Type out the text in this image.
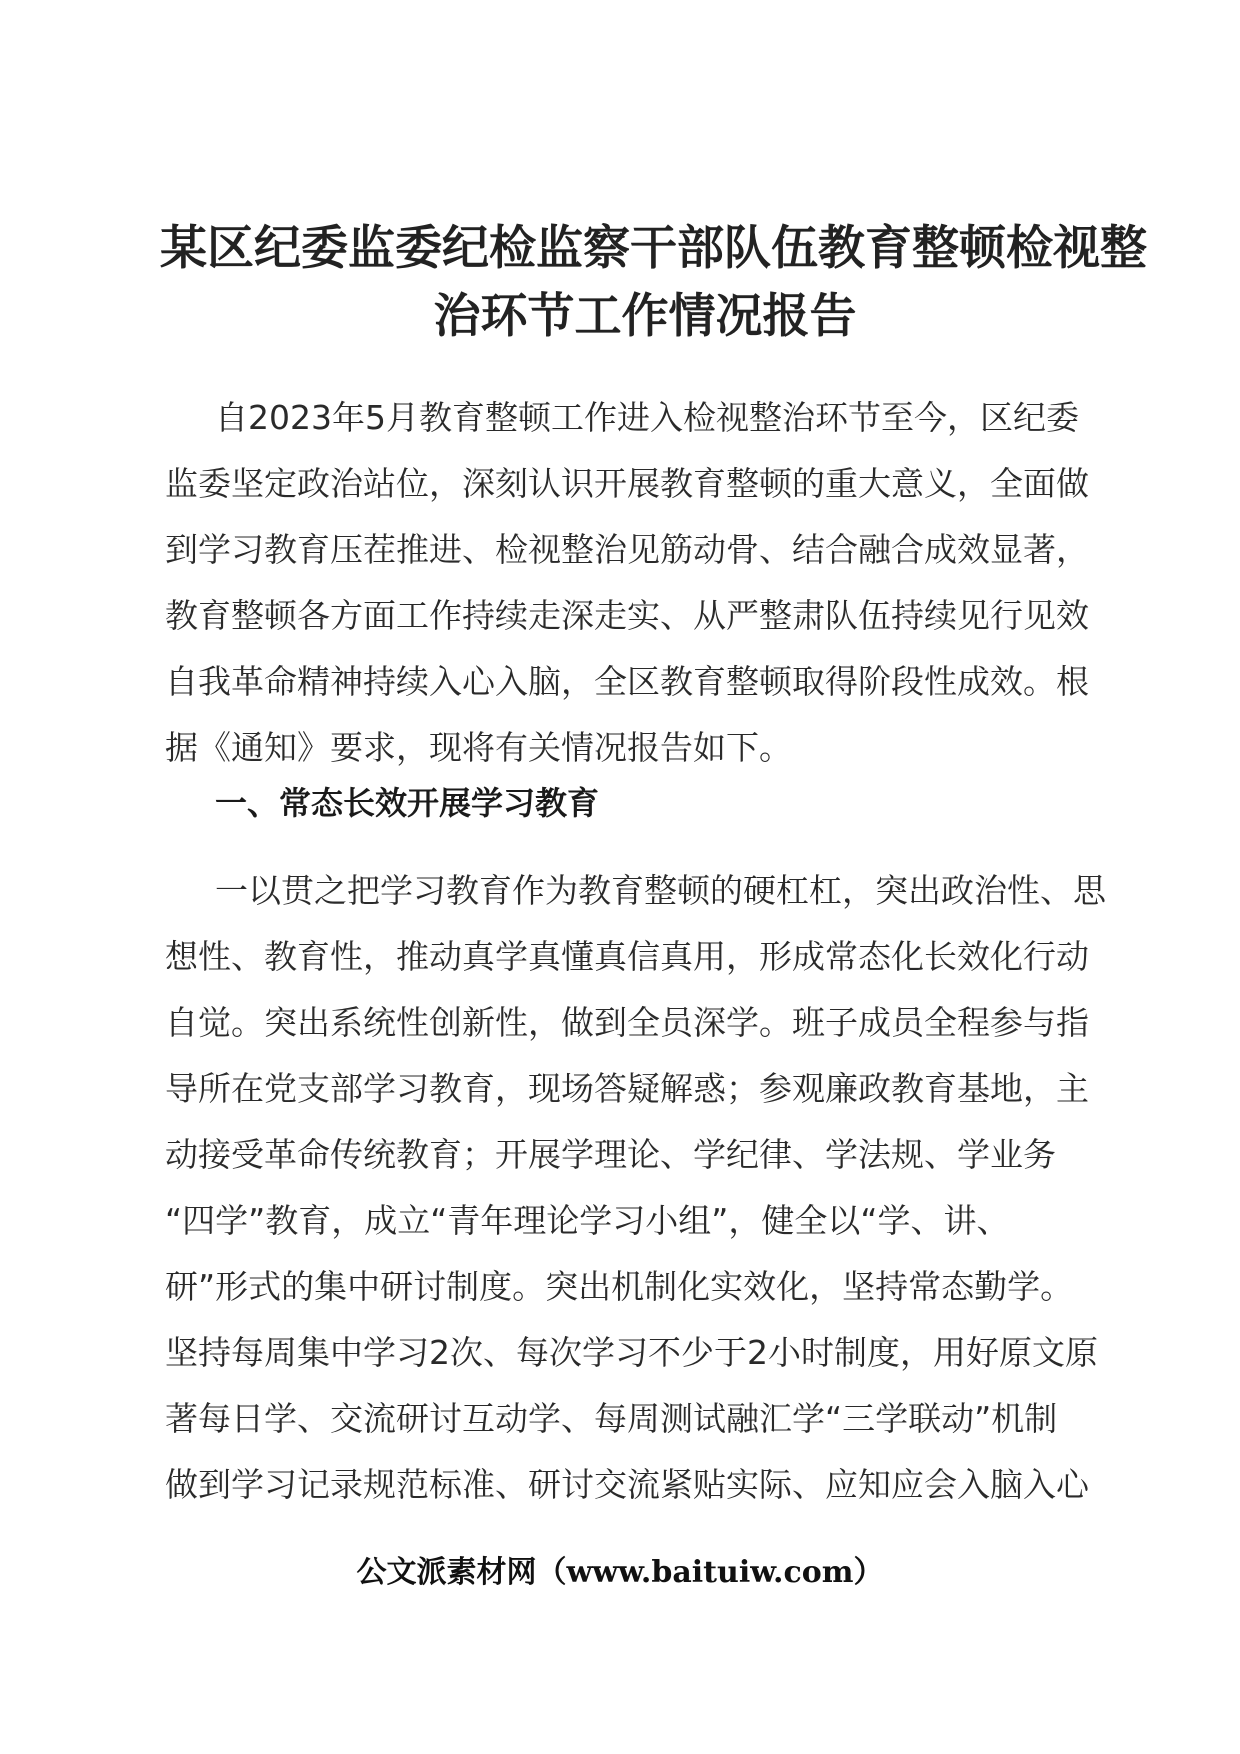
某区纪委监委纪检监察干部队伍教育整顿检视整
治环节工作情况报告
自2023年5月教育整顿工作进入检视整治环节至今，区纪委
监委坚定政治站位，深刻认识开展教育整顿的重大意义，全面做
到学习教育压茬推进、检视整治见筋动骨、结合融合成效显著，
教育整顿各方面工作持续走深走实、从严整肃队伍持续见行见效
自我革命精神持续入心入脑，全区教育整顿取得阶段性成效。根
据《通知》要求，现将有关情况报告如下。
一、常态长效开展学习教育
一以贯之把学习教育作为教育整顿的硬杠杠，突出政治性、思
想性、教育性，推动真学真懂真信真用，形成常态化长效化行动
自觉。突出系统性创新性，做到全员深学。班子成员全程参与指
导所在党支部学习教育，现场答疑解惑；参观廉政教育基地，主
动接受革命传统教育；开展学理论、学纪律、学法规、学业务
“四学”教育，成立“青年理论学习小组”，健全以“学、讲、
研”形式的集中研讨制度。突出机制化实效化，坚持常态勤学。
坚持每周集中学习2次、每次学习不少于2小时制度，用好原文原
著每日学、交流研讨互动学、每周测试融汇学“三学联动”机制
做到学习记录规范标准、研讨交流紧贴实际、应知应会入脑入心
公文派素材网（www.baituiw.com）
